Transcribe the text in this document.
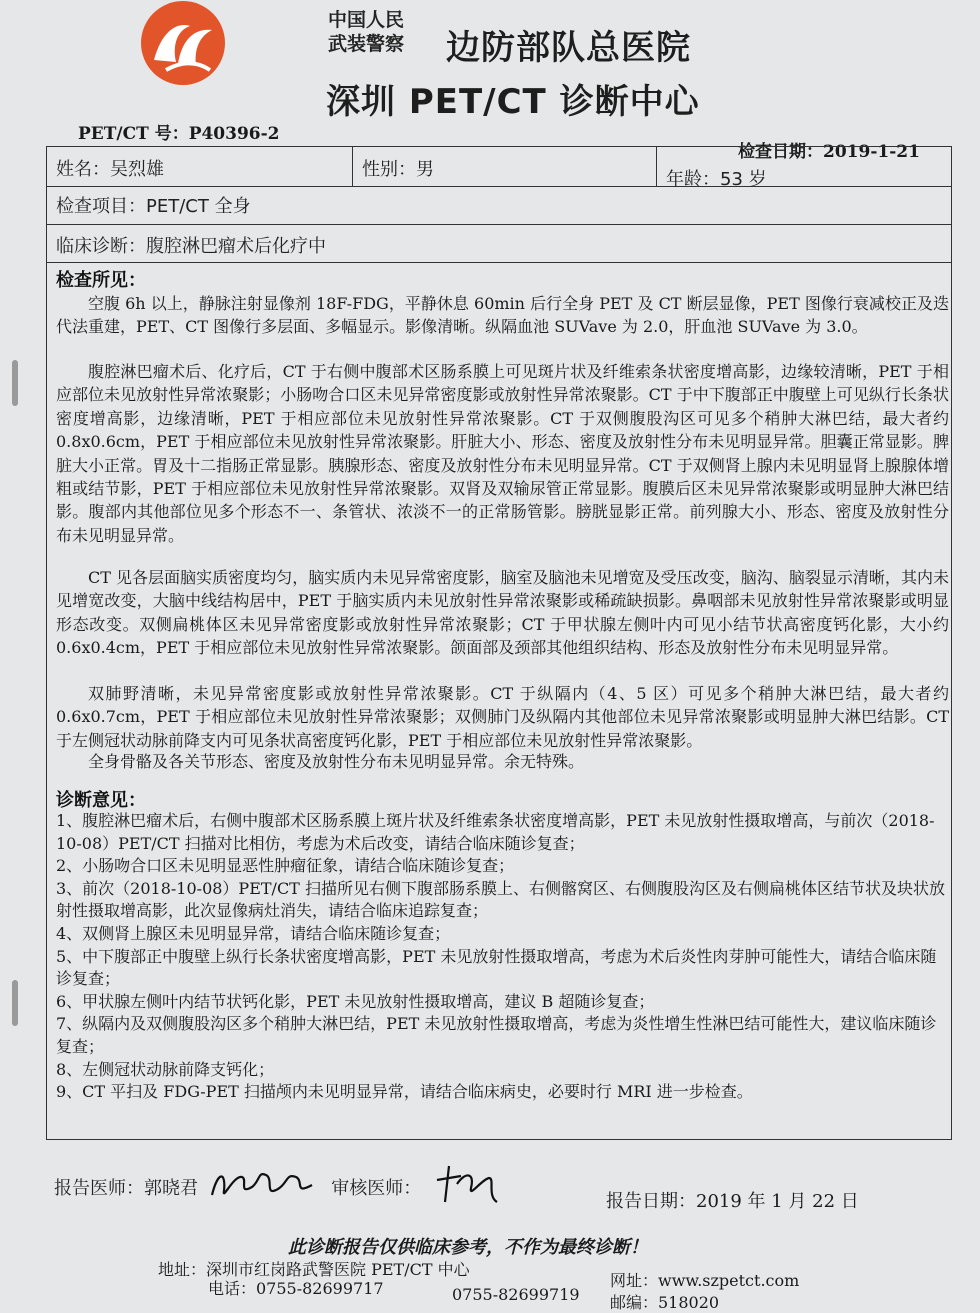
中国人民
武装警察 边防部队总医院
深圳 PET/CT 诊断中心
PET/CT 号：P40396-2
检查日期：2019-1-21
姓名：吴烈雄	性别：男	年龄：53 岁
检查项目：PET/CT 全身
临床诊断：腹腔淋巴瘤术后化疗中
检查所见：
空腹 6h 以上，静脉注射显像剂 18F-FDG，平静休息 60min 后行全身 PET 及 CT 断层显像，PET 图像行衰减校正及迭代法重建，PET、CT 图像行多层面、多幅显示。影像清晰。纵隔血池 SUVave 为 2.0，肝血池 SUVave 为 3.0。
腹腔淋巴瘤术后、化疗后，CT 于右侧中腹部术区肠系膜上可见斑片状及纤维索条状密度增高影，边缘较清晰，PET 于相应部位未见放射性异常浓聚影；小肠吻合口区未见异常密度影或放射性异常浓聚影。CT 于中下腹部正中腹壁上可见纵行长条状密度增高影，边缘清晰，PET 于相应部位未见放射性异常浓聚影。CT 于双侧腹股沟区可见多个稍肿大淋巴结，最大者约 0.8x0.6cm，PET 于相应部位未见放射性异常浓聚影。肝脏大小、形态、密度及放射性分布未见明显异常。胆囊正常显影。脾脏大小正常。胃及十二指肠正常显影。胰腺形态、密度及放射性分布未见明显异常。CT 于双侧肾上腺内未见明显肾上腺腺体增粗或结节影，PET 于相应部位未见放射性异常浓聚影。双肾及双输尿管正常显影。腹膜后区未见异常浓聚影或明显肿大淋巴结影。腹部内其他部位见多个形态不一、条管状、浓淡不一的正常肠管影。膀胱显影正常。前列腺大小、形态、密度及放射性分布未见明显异常。
CT 见各层面脑实质密度均匀，脑实质内未见异常密度影，脑室及脑池未见增宽及受压改变，脑沟、脑裂显示清晰，其内未见增宽改变，大脑中线结构居中，PET 于脑实质内未见放射性异常浓聚影或稀疏缺损影。鼻咽部未见放射性异常浓聚影或明显形态改变。双侧扁桃体区未见异常密度影或放射性异常浓聚影；CT 于甲状腺左侧叶内可见小结节状高密度钙化影，大小约 0.6x0.4cm，PET 于相应部位未见放射性异常浓聚影。颌面部及颈部其他组织结构、形态及放射性分布未见明显异常。
双肺野清晰，未见异常密度影或放射性异常浓聚影。CT 于纵隔内（4、5 区）可见多个稍肿大淋巴结，最大者约 0.6x0.7cm，PET 于相应部位未见放射性异常浓聚影；双侧肺门及纵隔内其他部位未见异常浓聚影或明显肿大淋巴结影。CT 于左侧冠状动脉前降支内可见条状高密度钙化影，PET 于相应部位未见放射性异常浓聚影。
全身骨骼及各关节形态、密度及放射性分布未见明显异常。余无特殊。
诊断意见：
1、腹腔淋巴瘤术后，右侧中腹部术区肠系膜上斑片状及纤维索条状密度增高影，PET 未见放射性摄取增高，与前次（2018-10-08）PET/CT 扫描对比相仿，考虑为术后改变，请结合临床随诊复查；
2、小肠吻合口区未见明显恶性肿瘤征象，请结合临床随诊复查；
3、前次（2018-10-08）PET/CT 扫描所见右侧下腹部肠系膜上、右侧髂窝区、右侧腹股沟区及右侧扁桃体区结节状及块状放射性摄取增高影，此次显像病灶消失，请结合临床追踪复查；
4、双侧肾上腺区未见明显异常，请结合临床随诊复查；
5、中下腹部正中腹壁上纵行长条状密度增高影，PET 未见放射性摄取增高，考虑为术后炎性肉芽肿可能性大，请结合临床随诊复查；
6、甲状腺左侧叶内结节状钙化影，PET 未见放射性摄取增高，建议 B 超随诊复查；
7、纵隔内及双侧腹股沟区多个稍肿大淋巴结，PET 未见放射性摄取增高，考虑为炎性增生性淋巴结可能性大，建议临床随诊复查；
8、左侧冠状动脉前降支钙化；
9、CT 平扫及 FDG-PET 扫描颅内未见明显异常，请结合临床病史，必要时行 MRI 进一步检查。
报告医师：郭晓君	审核医师：
报告日期：2019 年 1 月 22 日
此诊断报告仅供临床参考，不作为最终诊断！
地址：深圳市红岗路武警医院 PET/CT 中心
电话：0755-82699717	0755-82699719
网址：www.szpetct.com
邮编：518020
